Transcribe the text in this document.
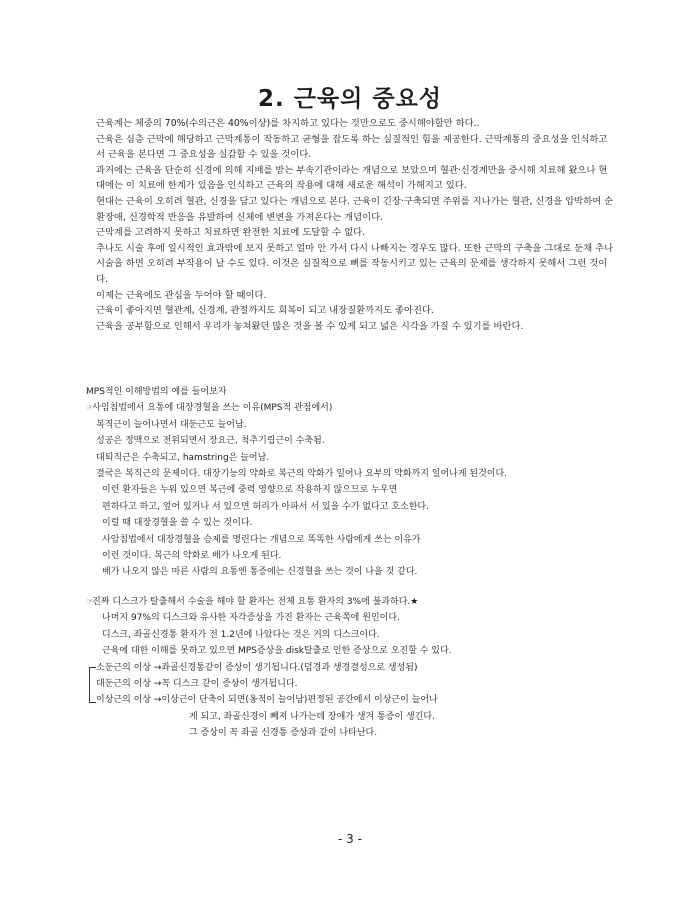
2. 근육의 중요성

근육계는 체중의 70%(수의근은 40%이상)를 차지하고 있다는 것만으로도 중시해야할만 하다..

근육은 심층 근막에 해당하고 근막계통이 작동하고 균형을 잡도록 하는 실질적인 힘을 제공한다. 근막계통의 중요성을 인식하고서 근육을 본다면 그 중요성을 실감할 수 있을 것이다.

과거에는 근육을 단순히 신경에 의해 지배를 받는 부속기관이라는 개념으로 보았으며 혈관·신경계만을 중시해 치료해 왔으나 현대에는 이 치료에 한계가 있음을 인식하고 근육의 작용에 대해 새로운 해석이 가해지고 있다.

현대는 근육이 오히려 혈관, 신경을 담고 있다는 개념으로 본다. 근육이 긴장·구축되면 주위를 지나가는 혈관, 신경을 압박하여 순환장애, 신경학적 반응을 유발하여 신체에 변변을 가져온다는 개념이다.

근막계를 고려하지 못하고 치료하면 완전한 치료에 도달할 수 없다.

추나도 시술 후에 일시적인 효과밖에 보지 못하고 얼마 안 가서 다시 나빠지는 경우도 많다. 또한 근막의 구축을 그대로 둔채 추나시술을 하면 오히려 부작용이 날 수도 있다. 이것은 실질적으로 뼈를 작동시키고 있는 근육의 문제를 생각하지 못해서 그런 것이다.

이제는 근육에도 관심을 두어야 할 때이다.

근육이 좋아지면 혈관계, 신경계, 관절까지도 회복이 되고 내장질환까지도 좋아진다.

근육을 공부함으로 인해서 우리가 놓쳐왔던 많은 것을 볼 수 있게 되고 넓은 시각을 가질 수 있기를 바란다.

MPS적인 이해방법의 예를 들어보자

☞사임침법에서 요통에 대장경혈을 쓰는 이유(MPS적 관점에서)

복직근이 늘어나면서 대둔근도 늘어남.

성공은 정맥으로 전위되면서 장요근, 척추기립근이 수축됨.

대퇴직근은 수축되고, hamstring은 늘어남.

결국은 복직근의 문제이다. 대장기능의 약화로 복근의 약화가 일어나 요부의 약화까지 일어나게 된것이다.

이런 환자들은 누워 있으면 복근에 중력 영향으로 작용하지 않으므로 누우면

편하다고 하고, 엎어 있거나 서 있으면 허리가 아파서 서 있을 수가 없다고 호소한다.

이럴 때 대장경혈을 쓸 수 있는 것이다.

사암침법에서 대장경혈을 승제를 명린다는 개념으로 똑똑한 사람에게 쓰는 이유가

이런 것이다. 복근의 약화로 배가 나오게 된다.

배가 나오지 않은 마른 사람의 요통엔 통증에는 신경혈을 쓰는 것이 나을 것 같다.

☞진짜 디스크가 탈출해서 수술을 해야 할 환자는 전체 요통 환자의 3%에 불과하다.★

나머지 97%의 디스크와 유사한 자각증상을 가진 환자는 근육쪽에 원인이다.

디스크, 좌골신경통 환자가 전 1.2년에 나았다는 것은 거의 디스크이다.

근육에 대한 이해를 못하고 있으면 MPS증상을 disk탈출로 인한 증상으로 오진할 수 있다.

소둔근의 이상 →좌골신경통같이 증상이 생기됩니다.(덤경과 생경결성으로 생성됨)

대둔근의 이상 →꼭 디스크 같이 증상이 생겨됩니다.

이상근의 이상 →이상근이 단축이 되면(옹적이 늘어남)편정된 공간에서 이상근이 늘어나

게 되고, 좌골신경이 빼져 나가는데 장애가 생겨 통증이 생긴다.

그 증상이 꼭 좌골 신경통 증상과 같이 나타난다.

- 3 -
